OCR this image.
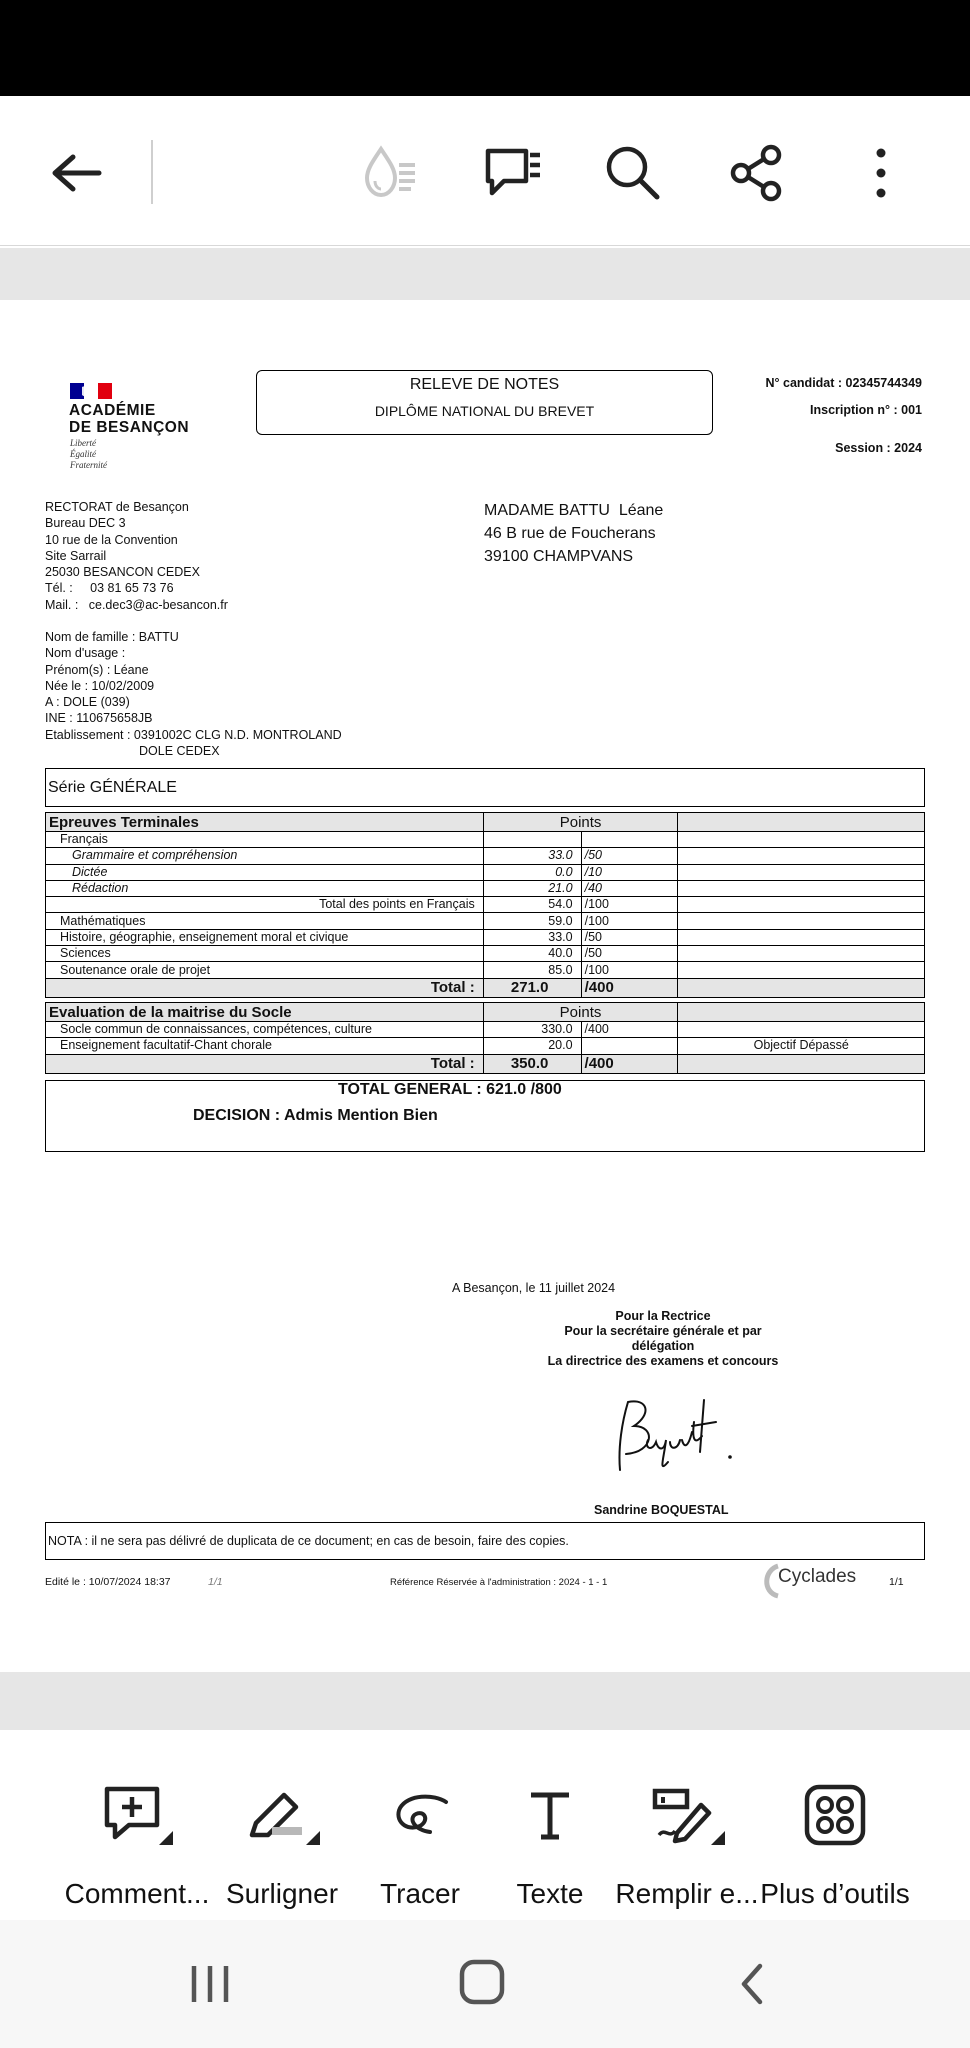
ACADÉMIE
DE BESANÇON
Liberté
Égalité
Fraternité
RELEVE DE NOTES
DIPLÔME NATIONAL DU BREVET
N° candidat : 02345744349
Inscription n° : 001
Session : 2024
RECTORAT de Besançon
Bureau DEC 3
10 rue de la Convention
Site Sarrail
25030 BESANCON CEDEX
Tél. :     03 81 65 73 76
Mail. :   ce.dec3@ac-besancon.fr
MADAME BATTU  Léane
46 B rue de Foucherans
39100 CHAMPVANS
Nom de famille : BATTU
Nom d'usage :
Prénom(s) : Léane
Née le : 10/02/2009
A : DOLE (039)
INE : 110675658JB
Etablissement : 0391002C CLG N.D. MONTROLAND
DOLE CEDEX
Série GÉNÉRALE
Epreuves Terminales	Points		
Français			
Grammaire et compréhension	33.0	/50	
Dictée	0.0	/10	
Rédaction	21.0	/40	
Total des points en Français	54.0	/100	
Mathématiques	59.0	/100	
Histoire, géographie, enseignement moral et civique	33.0	/50	
Sciences	40.0	/50	
Soutenance orale de projet	85.0	/100	
Total :	271.0	/400	
Evaluation de la maitrise du Socle	Points		
Socle commun de connaissances, compétences, culture	330.0	/400	
Enseignement facultatif-Chant chorale	20.0		Objectif Dépassé
Total :	350.0	/400	
TOTAL GENERAL : 621.0 /800
DECISION : Admis Mention Bien
A Besançon, le 11 juillet 2024
Pour la Rectrice
Pour la secrétaire générale et par délégation
La directrice des examens et concours
Sandrine BOQUESTAL
NOTA : il ne sera pas délivré de duplicata de ce document; en cas de besoin, faire des copies.
Edité le : 10/07/2024 18:37	1/1	Référence Réservée à l'administration : 2024 - 1 - 1	Cyclades	1/1
Comment... Surligner	Tracer	Texte	Remplir e... Plus d’outils
